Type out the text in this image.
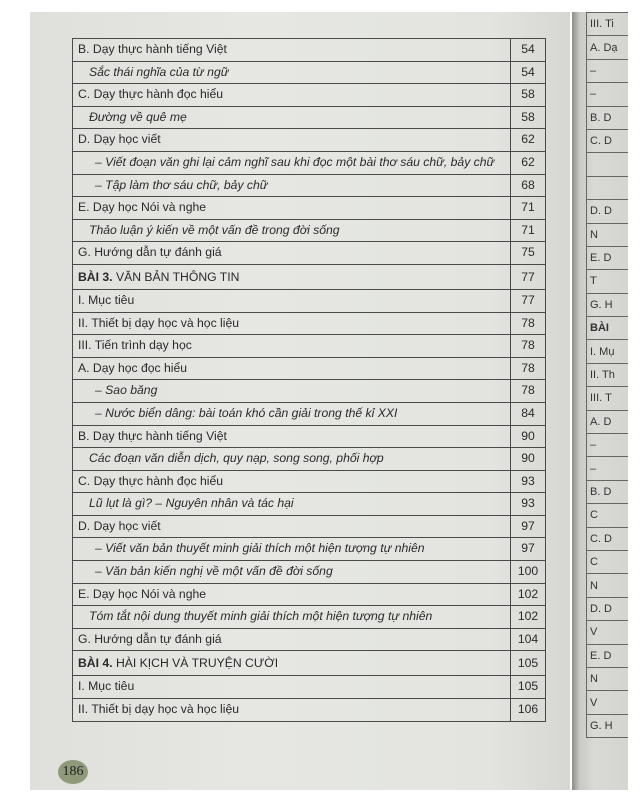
B. Dạy thực hành tiếng Việt	54
Sắc thái nghĩa của từ ngữ	54
C. Dạy thực hành đọc hiểu	58
Đường về quê mẹ	58
D. Dạy học viết	62
– Viết đoạn văn ghi lại cảm nghĩ sau khi đọc một bài thơ sáu chữ, bảy chữ	62
– Tập làm thơ sáu chữ, bảy chữ	68
E. Dạy học Nói và nghe	71
Thảo luận ý kiến về một vấn đề trong đời sống	71
G. Hướng dẫn tự đánh giá	75
BÀI 3. VĂN BẢN THÔNG TIN	77
I. Mục tiêu	77
II. Thiết bị dạy học và học liệu	78
III. Tiến trình dạy học	78
A. Dạy học đọc hiểu	78
– Sao băng	78
– Nước biển dâng: bài toán khó cần giải trong thế kỉ XXI	84
B. Dạy thực hành tiếng Việt	90
Các đoạn văn diễn dịch, quy nạp, song song, phối hợp	90
C. Dạy thực hành đọc hiểu	93
Lũ lụt là gì? – Nguyên nhân và tác hại	93
D. Dạy học viết	97
– Viết văn bản thuyết minh giải thích một hiện tượng tự nhiên	97
– Văn bản kiến nghị về một vấn đề đời sống	100
E. Dạy học Nói và nghe	102
Tóm tắt nội dung thuyết minh giải thích một hiện tượng tự nhiên	102
G. Hướng dẫn tự đánh giá	104
BÀI 4. HÀI KỊCH VÀ TRUYỆN CƯỜI	105
I. Mục tiêu	105
II. Thiết bị dạy học và học liệu	106
186
III. Ti
A. Dạ
–
–
B. D
C. D

D. D
N
E. D
T
G. H
BÀI
I. Mụ
II. Th
III. T
A. D
–
–
B. D
C
C. D
C
N
D. D
V
E. D
N
V
G. H
